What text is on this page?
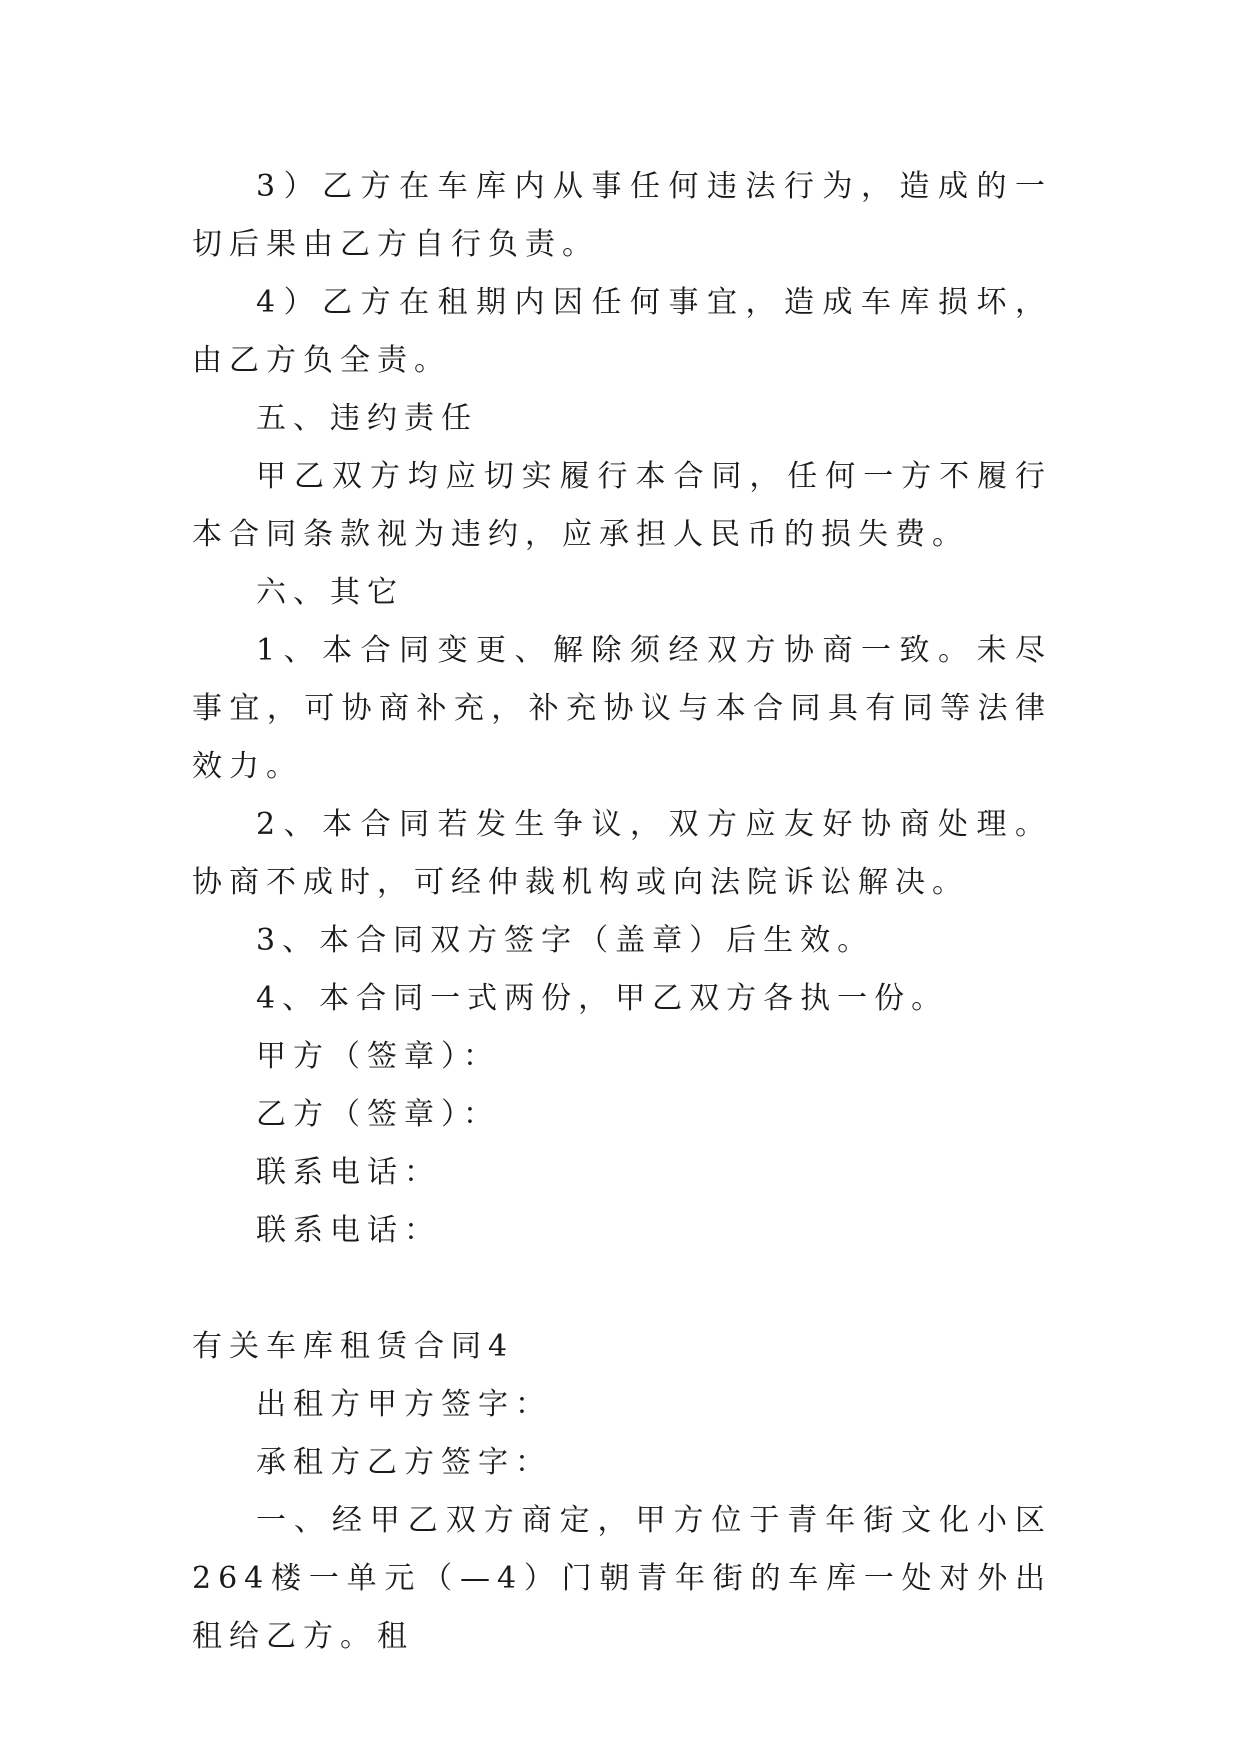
3）乙方在车库内从事任何违法行为，造成的一切后果由乙方自行负责。

4）乙方在租期内因任何事宜，造成车库损坏，由乙方负全责。

五、违约责任

甲乙双方均应切实履行本合同，任何一方不履行本合同条款视为违约，应承担人民币的损失费。

六、其它

1、本合同变更、解除须经双方协商一致。未尽事宜，可协商补充，补充协议与本合同具有同等法律效力。

2、本合同若发生争议，双方应友好协商处理。协商不成时，可经仲裁机构或向法院诉讼解决。

3、本合同双方签字（盖章）后生效。

4、本合同一式两份，甲乙双方各执一份。

甲方（签章）：

乙方（签章）：

联系电话：

联系电话：

有关车库租赁合同4

出租方甲方签字：

承租方乙方签字：

一、经甲乙双方商定，甲方位于青年街文化小区264楼一单元（—4）门朝青年街的车库一处对外出租给乙方。租
